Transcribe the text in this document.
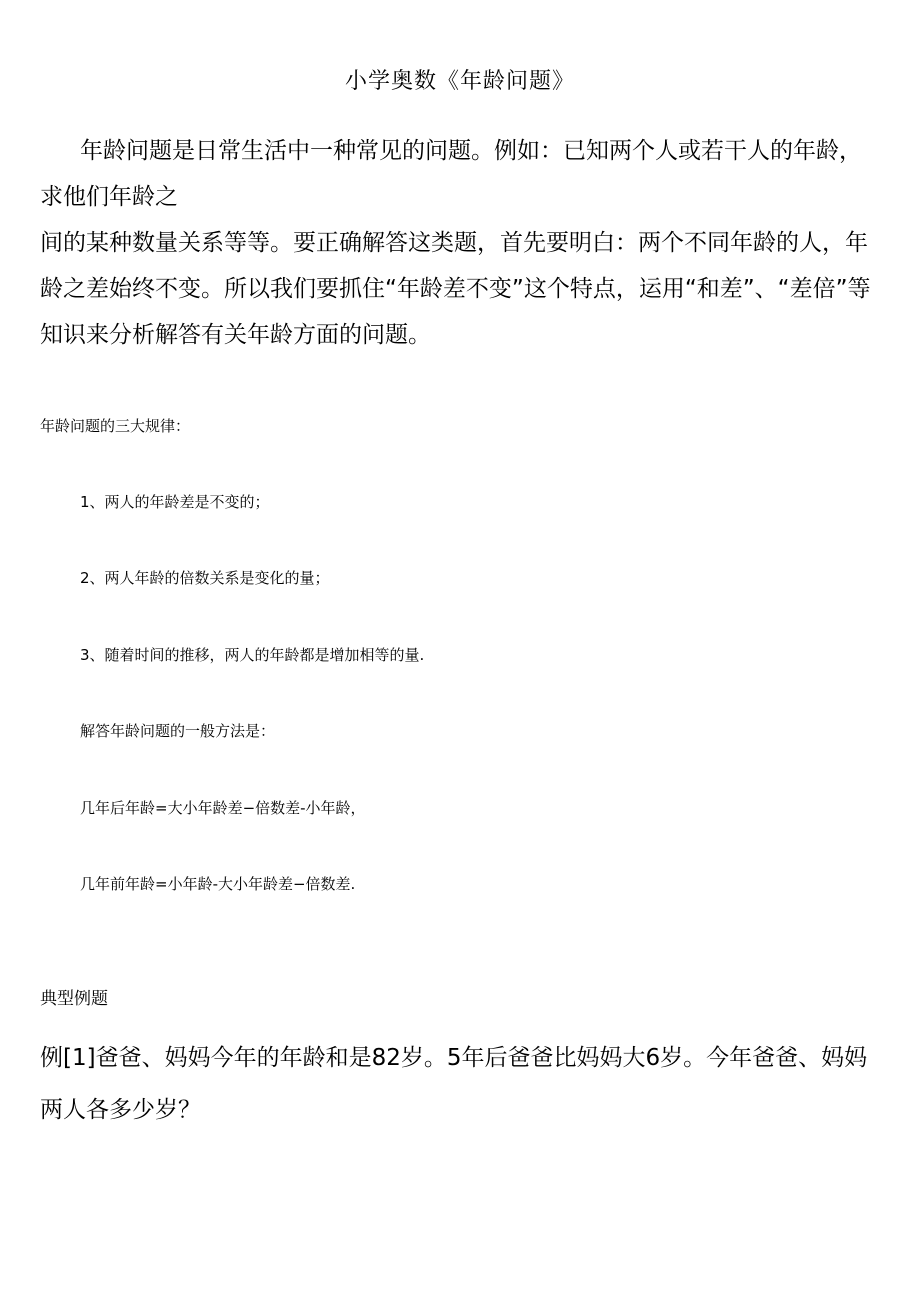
小学奥数《年龄问题》

年龄问题是日常生活中一种常见的问题。例如：已知两个人或若干人的年龄，求他们年龄之

间的某种数量关系等等。要正确解答这类题，首先要明白：两个不同年龄的人，年龄之差始终不变。所以我们要抓住“年龄差不变”这个特点，运用“和差”、“差倍”等知识来分析解答有关年龄方面的问题。

年龄问题的三大规律：
1、两人的年龄差是不变的；
2、两人年龄的倍数关系是变化的量；
3、随着时间的推移，两人的年龄都是增加相等的量.
解答年龄问题的一般方法是：
几年后年龄=大小年龄差−倍数差-小年龄，
几年前年龄=小年龄-大小年龄差−倍数差.
典型例题

例[1]爸爸、妈妈今年的年龄和是82岁。5年后爸爸比妈妈大6岁。今年爸爸、妈妈两人各多少岁？
